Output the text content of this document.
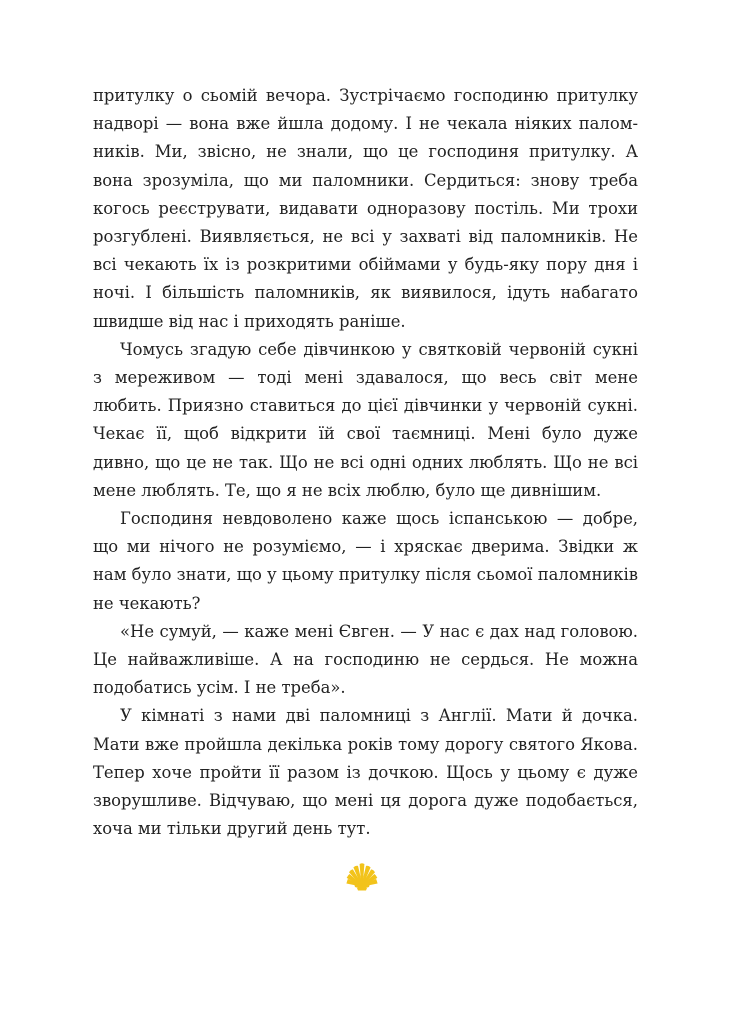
притулку о сьомій вечора. Зустрічаємо господиню притулку надворі — вона вже йшла додому. І не чекала ніяких паломників. Ми, звісно, не знали, що це господиня притулку. А вона зрозуміла, що ми паломники. Сердиться: знову треба когось реєструвати, видавати одноразову постіль. Ми трохи розгублені. Виявляється, не всі у захваті від паломників. Не всі чекають їх із розкритими обіймами у будь-яку пору дня і ночі. І більшість паломників, як виявилося, ідуть набагато швидше від нас і приходять раніше.

Чомусь згадую себе дівчинкою у святковій червоній сукні з мереживом — тоді мені здавалося, що весь світ мене любить. Приязно ставиться до цієї дівчинки у червоній сукні. Чекає її, щоб відкрити їй свої таємниці. Мені було дуже дивно, що це не так. Що не всі одні одних люблять. Що не всі мене люблять. Те, що я не всіх люблю, було ще дивнішим.

Господиня невдоволено каже щось іспанською — добре, що ми нічого не розуміємо, — і хряскає дверима. Звідки ж нам було знати, що у цьому притулку після сьомої паломників не чекають?

«Не сумуй, — каже мені Євген. — У нас є дах над головою. Це найважливіше. А на господиню не сердься. Не можна подобатись усім. І не треба».

У кімнаті з нами дві паломниці з Англії. Мати й дочка. Мати вже пройшла декілька років тому дорогу святого Якова. Тепер хоче пройти її разом із дочкою. Щось у цьому є дуже зворушливе. Відчуваю, що мені ця дорога дуже подобається, хоча ми тільки другий день тут.
